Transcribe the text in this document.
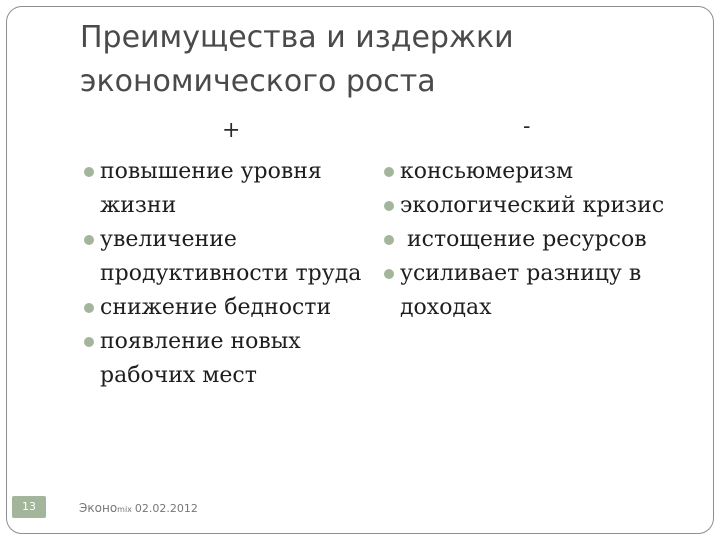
Преимущества и издержки экономического роста
+	-
повышение уровня жизни
увеличение продуктивности труда
снижение бедности
появление новых рабочих мест
консьюмеризм
экологический кризис
истощение ресурсов
усиливает разницу в доходах
13	Эконоmix 02.02.2012
